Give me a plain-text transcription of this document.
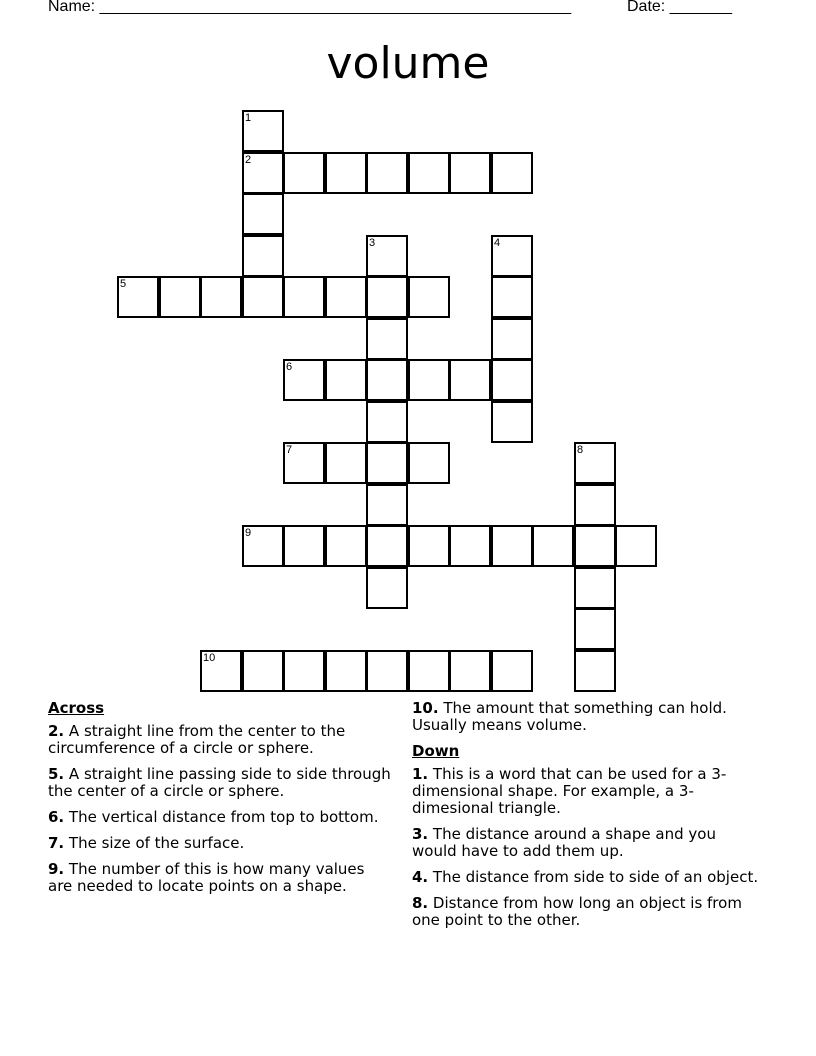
Name: _____________________________________________________	Date: _______
volume
1
2
3	4
5
6
7	8
9
10
Across
2. A straight line from the center to the circumference of a circle or sphere.
5. A straight line passing side to side through the center of a circle or sphere.
6. The vertical distance from top to bottom.
7. The size of the surface.
9. The number of this is how many values are needed to locate points on a shape.
10. The amount that something can hold. Usually means volume.
Down
1. This is a word that can be used for a 3-dimensional shape. For example, a 3-dimesional triangle.
3. The distance around a shape and you would have to add them up.
4. The distance from side to side of an object.
8. Distance from how long an object is from one point to the other.
